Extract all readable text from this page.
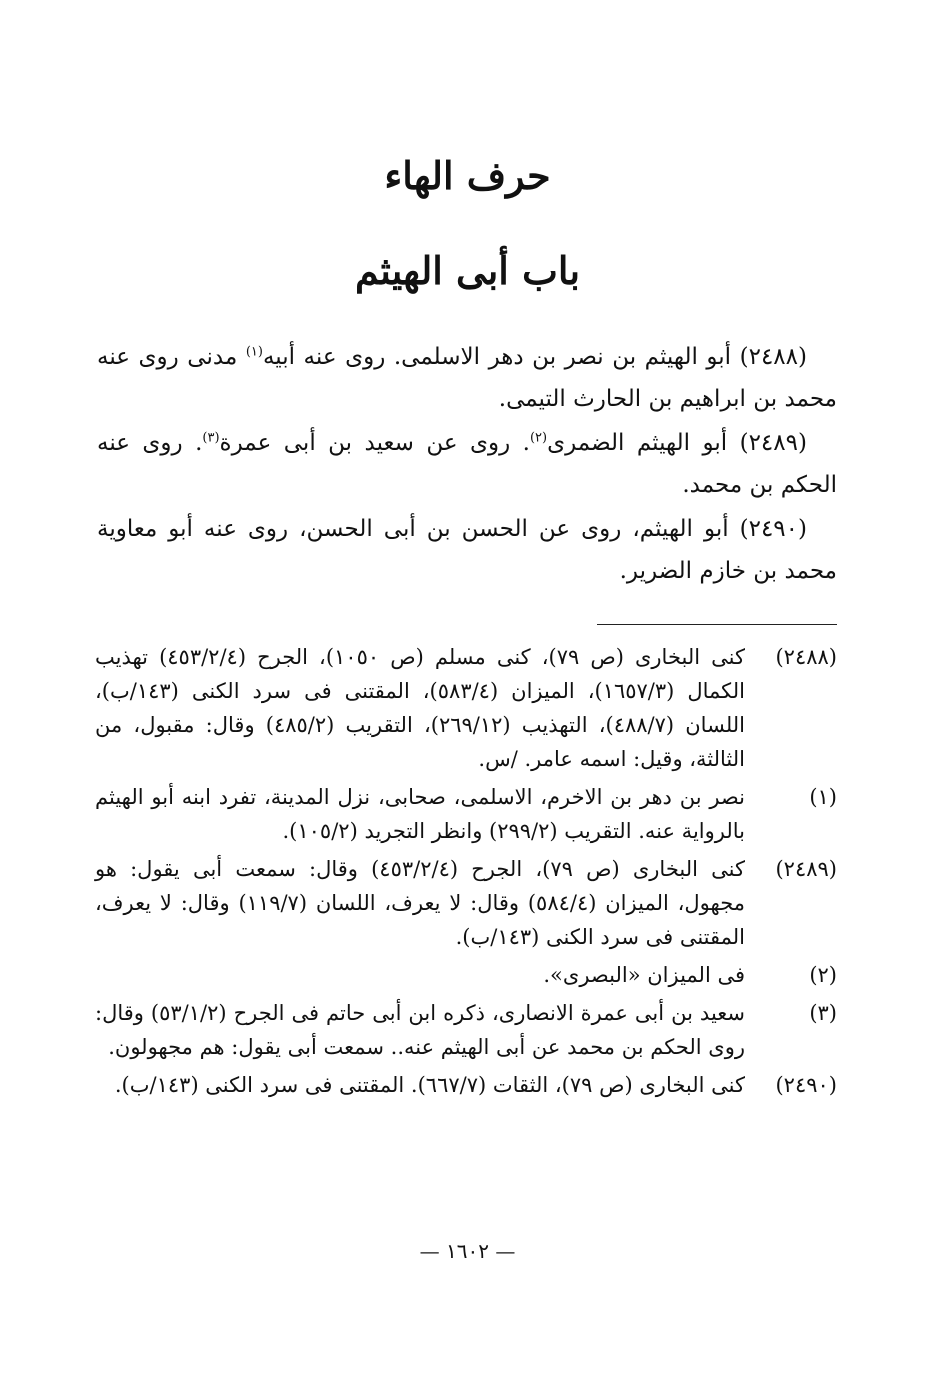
حرف الهاء
باب أبى الهيثم

(٢٤٨٨) أبو الهيثم بن نصر بن دهر الاسلمى. روى عنه أبيه$^{(١)}$ مدنى روى عنه محمد بن ابراهيم بن الحارث التيمى.

(٢٤٨٩) أبو الهيثم الضمرى$^{(٢)}$. روى عن سعيد بن أبى عمرة$^{(٣)}$. روى عنه الحكم بن محمد.

(٢٤٩٠) أبو الهيثم، روى عن الحسن بن أبى الحسن، روى عنه أبو معاوية محمد بن خازم الضرير.

(٢٤٨٨)
كنى البخارى (ص ٧٩)، كنى مسلم (ص ١٠٥٠)، الجرح (٤٥٣/٢/٤) تهذيب الكمال (١٦٥٧/٣)، الميزان (٥٨٣/٤)، المقتنى فى سرد الكنى (١٤٣/ب)، اللسان (٤٨٨/٧)، التهذيب (٢٦٩/١٢)، التقريب (٤٨٥/٢) وقال: مقبول، من الثالثة، وقيل: اسمه عامر. /س.
(١)
نصر بن دهر بن الاخرم، الاسلمى، صحابى، نزل المدينة، تفرد ابنه أبو الهيثم بالرواية عنه. التقريب (٢٩٩/٢) وانظر التجريد (١٠٥/٢).
(٢٤٨٩)
كنى البخارى (ص ٧٩)، الجرح (٤٥٣/٢/٤) وقال: سمعت أبى يقول: هو مجهول، الميزان (٥٨٤/٤) وقال: لا يعرف، اللسان (١١٩/٧) وقال: لا يعرف، المقتنى فى سرد الكنى (١٤٣/ب).
(٢)
فى الميزان «البصرى».
(٣)
سعيد بن أبى عمرة الانصارى، ذكره ابن أبى حاتم فى الجرح (٥٣/١/٢) وقال: روى الحكم بن محمد عن أبى الهيثم عنه.. سمعت أبى يقول: هم مجهولون.
(٢٤٩٠)
كنى البخارى (ص ٧٩)، الثقات (٦٦٧/٧). المقتنى فى سرد الكنى (١٤٣/ب).
— ١٦٠٢ —
